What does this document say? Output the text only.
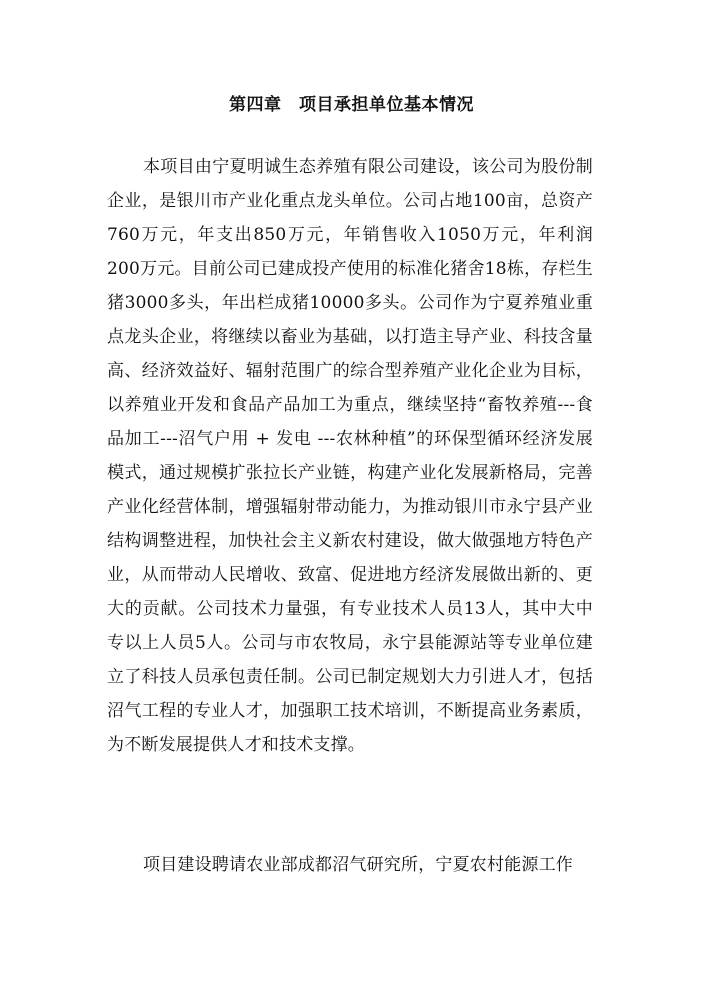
第四章　项目承担单位基本情况

本项目由宁夏明诚生态养殖有限公司建设，该公司为股份制企业，是银川市产业化重点龙头单位。公司占地100亩，总资产760万元，年支出850万元，年销售收入1050万元，年利润200万元。目前公司已建成投产使用的标准化猪舍18栋，存栏生猪3000多头，年出栏成猪10000多头。公司作为宁夏养殖业重点龙头企业，将继续以畜业为基础，以打造主导产业、科技含量高、经济效益好、辐射范围广的综合型养殖产业化企业为目标，以养殖业开发和食品产品加工为重点，继续坚持“畜牧养殖---食品加工---沼气户用 + 发电 ---农林种植”的环保型循环经济发展模式，通过规模扩张拉长产业链，构建产业化发展新格局，完善产业化经营体制，增强辐射带动能力，为推动银川市永宁县产业结构调整进程，加快社会主义新农村建设，做大做强地方特色产业，从而带动人民增收、致富、促进地方经济发展做出新的、更大的贡献。公司技术力量强，有专业技术人员13人，其中大中专以上人员5人。公司与市农牧局，永宁县能源站等专业单位建立了科技人员承包责任制。公司已制定规划大力引进人才，包括沼气工程的专业人才，加强职工技术培训，不断提高业务素质，为不断发展提供人才和技术支撑。

项目建设聘请农业部成都沼气研究所，宁夏农村能源工作
